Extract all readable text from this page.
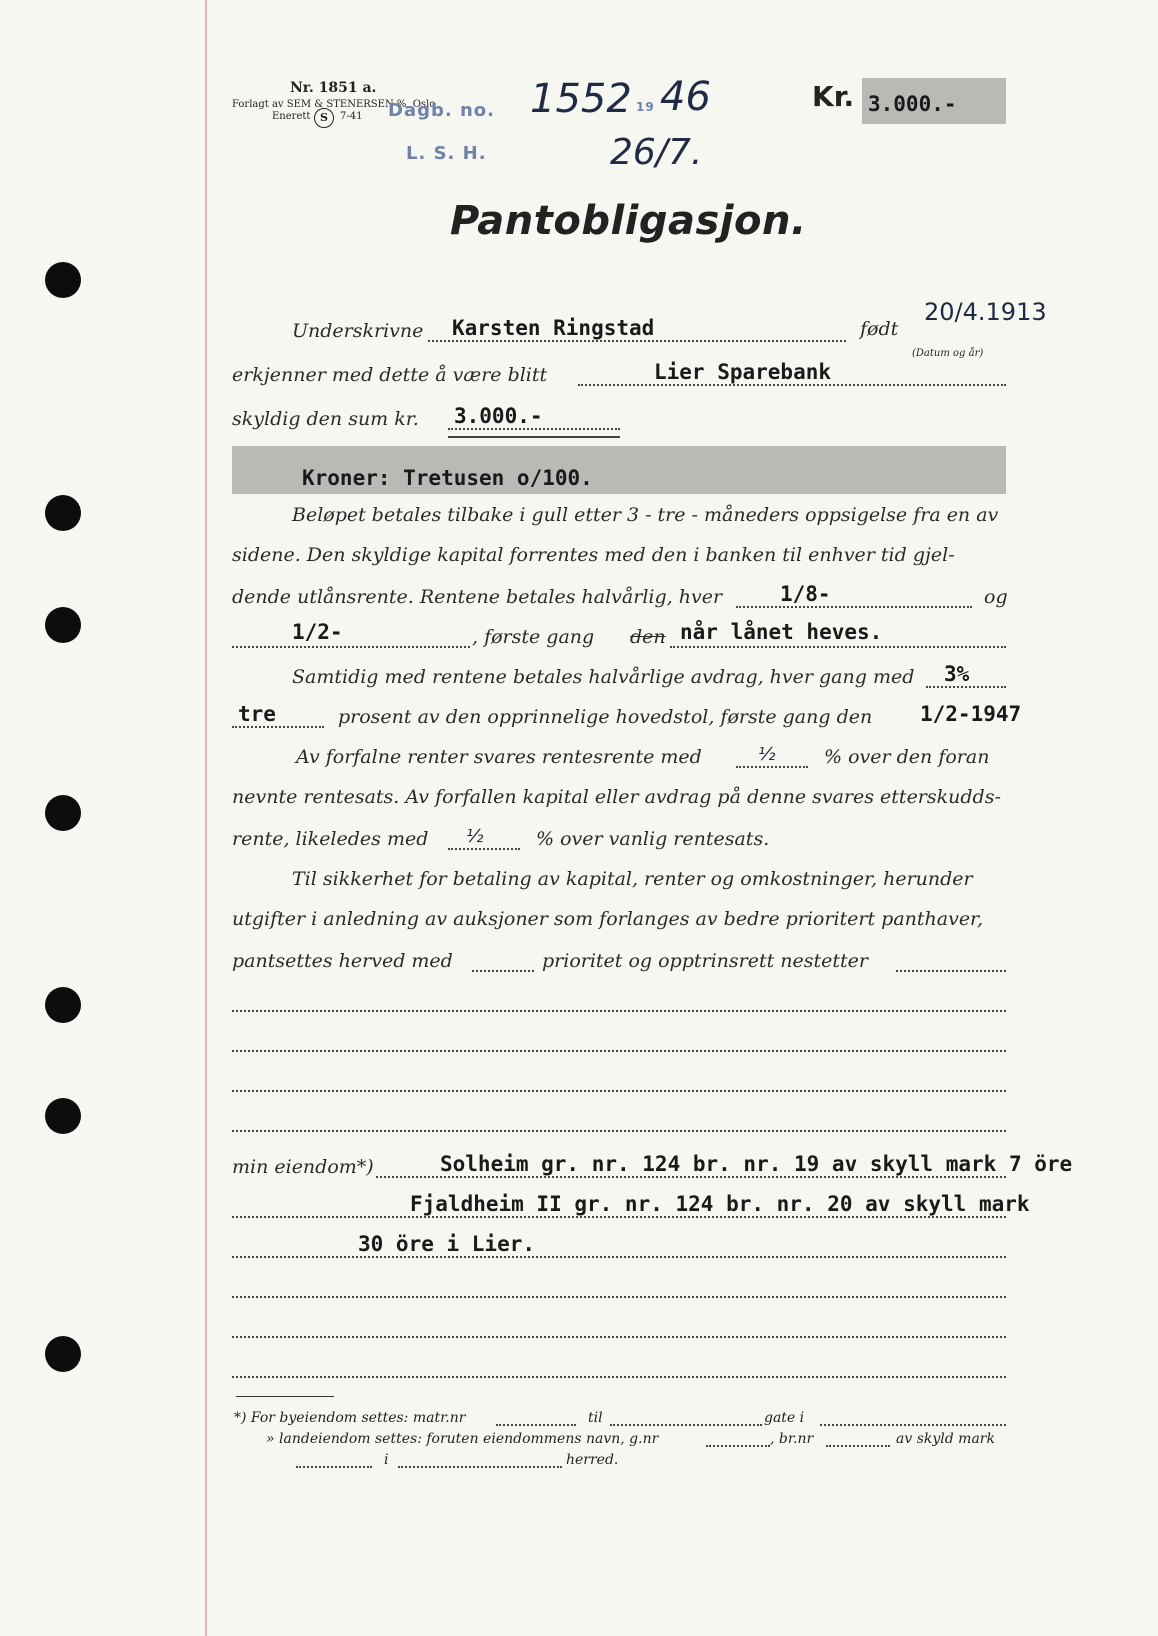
Nr. 1851 a.
Forlagt av SEM & STENERSEN %, Oslo
Enerett S	7-41 Dagb. no. 1552 19 46
L. S. H.	26/7.
Kr. 3.000.-
Pantobligasjon.
Underskrivne Karsten Ringstad	født
20/4.1913
(Datum og år)
erkjenner med dette å være blitt	Lier Sparebank
skyldig den sum kr. 3.000.-
Kroner: Tretusen o/100.
Beløpet betales tilbake i gull etter 3 - tre - måneders oppsigelse fra en av
sidene. Den skyldige kapital forrentes med den i banken til enhver tid gjel-
dende utlånsrente. Rentene betales halvårlig, hver	1/8-	og
1/2-	, første gang den når lånet heves.
Samtidig med rentene betales halvårlige avdrag, hver gang med 3%
tre	prosent av den opprinnelige hovedstol, første gang den 1/2-1947
Av forfalne renter svares rentesrente med	½	% over den foran
nevnte rentesats. Av forfallen kapital eller avdrag på denne svares etterskudds-
rente, likeledes med ½	% over vanlig rentesats.
Til sikkerhet for betaling av kapital, renter og omkostninger, herunder
utgifter i anledning av auksjoner som forlanges av bedre prioritert panthaver,
pantsettes herved med	prioritet og opptrinsrett nestetter
min eiendom*)	Solheim gr. nr. 124 br. nr. 19 av skyll mark 7 öre
Fjaldheim II gr. nr. 124 br. nr. 20 av skyll mark
30 öre i Lier.
*) For byeiendom settes: matr.nr	til	gate i
» landeiendom settes: foruten eiendommens navn, g.nr	, br.nr	av skyld mark
i	herred.
